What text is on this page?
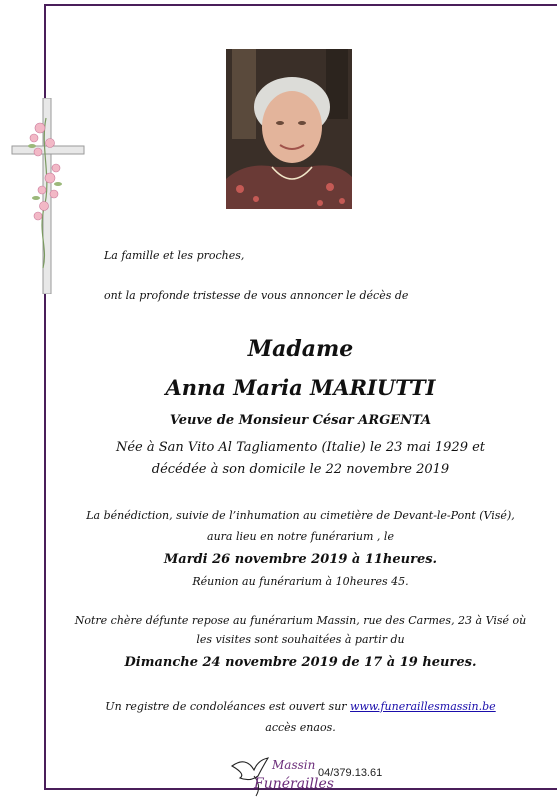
La famille et les proches,
ont la profonde tristesse de vous annoncer le décès de
Madame
Anna Maria MARIUTTI
Veuve de Monsieur César ARGENTA
Née à San Vito Al Tagliamento (Italie) le 23 mai 1929 et
décédée à son domicile le 22 novembre 2019
La bénédiction, suivie de l’inhumation au cimetière de Devant-le-Pont (Visé),
aura lieu en notre funérarium , le
Mardi 26 novembre 2019 à 11heures.
Réunion au funérarium à 10heures 45.
Notre chère défunte repose au funérarium Massin, rue des Carmes, 23 à Visé où
les visites sont souhaitées à partir du
Dimanche 24 novembre 2019 de 17 à 19 heures.
Un registre de condoléances est ouvert sur www.funeraillesmassin.be
accès enaos.
Massin
Funérailles
04/379.13.61
